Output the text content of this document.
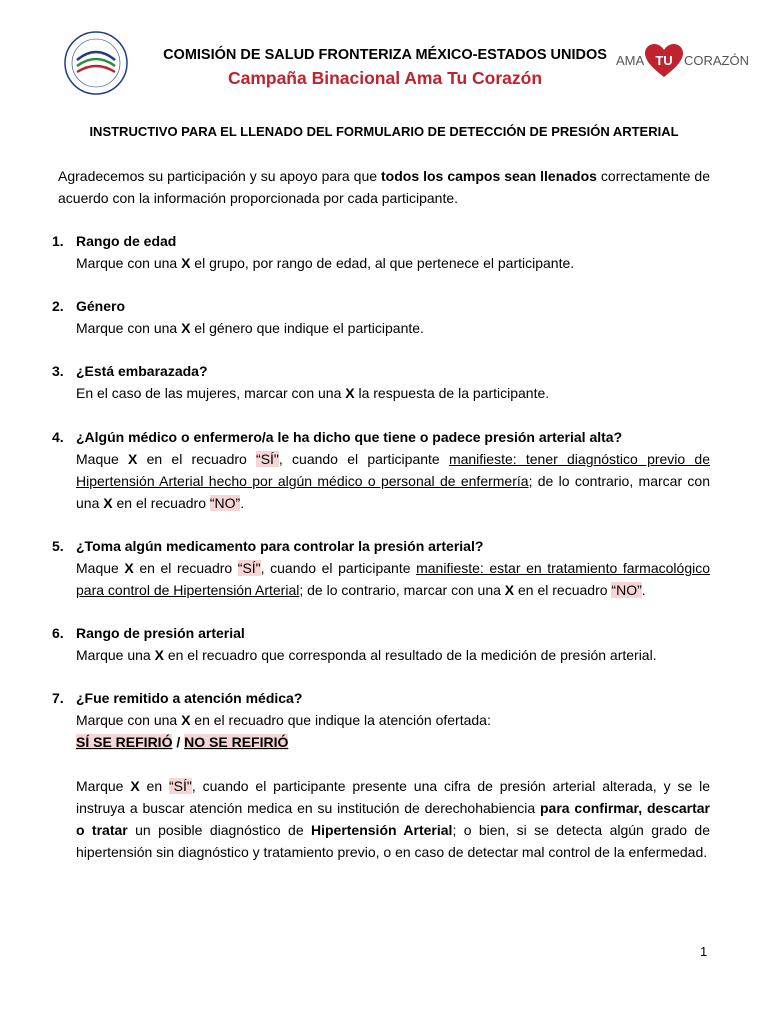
COMISIÓN DE SALUD FRONTERIZA MÉXICO-ESTADOS UNIDOS
Campaña Binacional Ama Tu Corazón
AMA TU CORAZÓN
INSTRUCTIVO PARA EL LLENADO DEL FORMULARIO DE DETECCIÓN DE PRESIÓN ARTERIAL
Agradecemos su participación y su apoyo para que todos los campos sean llenados correctamente de acuerdo con la información proporcionada por cada participante.
1. Rango de edad
Marque con una X el grupo, por rango de edad, al que pertenece el participante.
2. Género
Marque con una X el género que indique el participante.
3. ¿Está embarazada?
En el caso de las mujeres, marcar con una X la respuesta de la participante.
4. ¿Algún médico o enfermero/a le ha dicho que tiene o padece presión arterial alta?
Maque X en el recuadro “SÍ", cuando el participante manifieste: tener diagnóstico previo de Hipertensión Arterial hecho por algún médico o personal de enfermería; de lo contrario, marcar con una X en el recuadro “NO”.
5. ¿Toma algún medicamento para controlar la presión arterial?
Maque X en el recuadro “SÍ", cuando el participante manifieste: estar en tratamiento farmacológico para control de Hipertensión Arterial; de lo contrario, marcar con una X en el recuadro “NO”.
6. Rango de presión arterial
Marque una X en el recuadro que corresponda al resultado de la medición de presión arterial.
7. ¿Fue remitido a atención médica?
Marque con una X en el recuadro que indique la atención ofertada:
SÍ SE REFIRIÓ / NO SE REFIRIÓ
Marque X en “SÍ", cuando el participante presente una cifra de presión arterial alterada, y se le instruya a buscar atención medica en su institución de derechohabiencia para confirmar, descartar o tratar un posible diagnóstico de Hipertensión Arterial; o bien, si se detecta algún grado de hipertensión sin diagnóstico y tratamiento previo, o en caso de detectar mal control de la enfermedad.
1
